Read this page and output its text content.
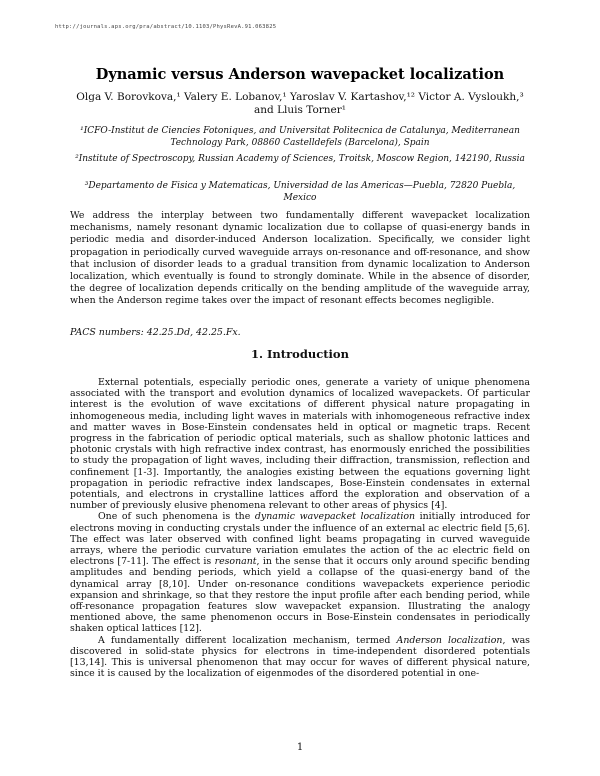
http://journals.aps.org/pra/abstract/10.1103/PhysRevA.91.063825
Dynamic versus Anderson wavepacket localization
Olga V. Borovkova,¹ Valery E. Lobanov,¹ Yaroslav V. Kartashov,¹² Victor A. Vysloukh,³
and Lluis Torner¹
¹ICFO-Institut de Ciencies Fotoniques, and Universitat Politecnica de Catalunya, Mediterranean Technology Park, 08860 Castelldefels (Barcelona), Spain
²Institute of Spectroscopy, Russian Academy of Sciences, Troitsk, Moscow Region, 142190, Russia
³Departamento de Fisica y Matematicas, Universidad de las Americas—Puebla, 72820 Puebla, Mexico
We address the interplay between two fundamentally different wavepacket localization mechanisms, namely resonant dynamic localization due to collapse of quasi-energy bands in periodic media and disorder-induced Anderson localization. Specifically, we consider light propagation in periodically curved waveguide arrays on-resonance and off-resonance, and show that inclusion of disorder leads to a gradual transition from dynamic localization to Anderson localization, which eventually is found to strongly dominate. While in the absence of disorder, the degree of localization depends critically on the bending amplitude of the waveguide array, when the Anderson regime takes over the impact of resonant effects becomes negligible.
PACS numbers: 42.25.Dd, 42.25.Fx.
1. Introduction

External potentials, especially periodic ones, generate a variety of unique phenomena associated with the transport and evolution dynamics of localized wavepackets. Of particular interest is the evolution of wave excitations of different physical nature propagating in inhomogeneous media, including light waves in materials with inhomogeneous refractive index and matter waves in Bose-Einstein condensates held in optical or magnetic traps. Recent progress in the fabrication of periodic optical materials, such as shallow photonic lattices and photonic crystals with high refractive index contrast, has enormously enriched the possibilities to study the propagation of light waves, including their diffraction, transmission, reflection and confinement [1-3]. Importantly, the analogies existing between the equations governing light propagation in periodic refractive index landscapes, Bose-Einstein condensates in external potentials, and electrons in crystalline lattices afford the exploration and observation of a number of previously elusive phenomena relevant to other areas of physics [4].

One of such phenomena is the dynamic wavepacket localization initially introduced for electrons moving in conducting crystals under the influence of an external ac electric field [5,6]. The effect was later observed with confined light beams propagating in curved waveguide arrays, where the periodic curvature variation emulates the action of the ac electric field on electrons [7-11]. The effect is resonant, in the sense that it occurs only around specific bending amplitudes and bending periods, which yield a collapse of the quasi-energy band of the dynamical array [8,10]. Under on-resonance conditions wavepackets experience periodic expansion and shrinkage, so that they restore the input profile after each bending period, while off-resonance propagation features slow wavepacket expansion. Illustrating the analogy mentioned above, the same phenomenon occurs in Bose-Einstein condensates in periodically shaken optical lattices [12].

A fundamentally different localization mechanism, termed Anderson localization, was discovered in solid-state physics for electrons in time-independent disordered potentials [13,14]. This is universal phenomenon that may occur for waves of different physical nature, since it is caused by the localization of eigenmodes of the disordered potential in one-

1
